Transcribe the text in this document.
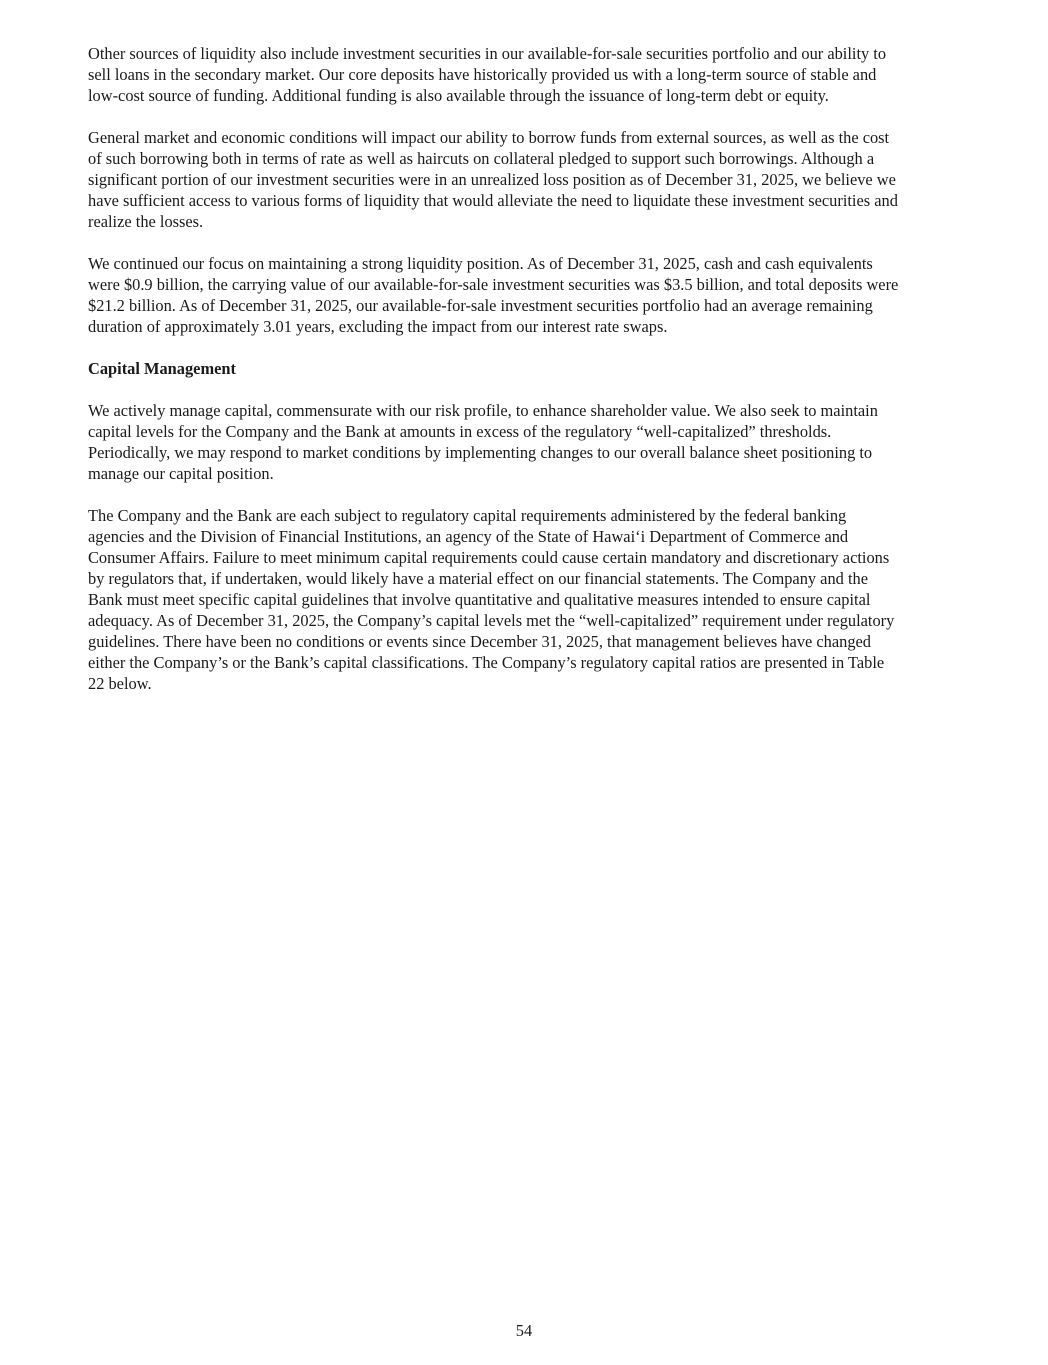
Other sources of liquidity also include investment securities in our available-for-sale securities portfolio and our ability to
sell loans in the secondary market. Our core deposits have historically provided us with a long-term source of stable and
low-cost source of funding. Additional funding is also available through the issuance of long-term debt or equity.

General market and economic conditions will impact our ability to borrow funds from external sources, as well as the cost
of such borrowing both in terms of rate as well as haircuts on collateral pledged to support such borrowings. Although a
significant portion of our investment securities were in an unrealized loss position as of December 31, 2025, we believe we
have sufficient access to various forms of liquidity that would alleviate the need to liquidate these investment securities and
realize the losses.

We continued our focus on maintaining a strong liquidity position. As of December 31, 2025, cash and cash equivalents
were $0.9 billion, the carrying value of our available-for-sale investment securities was $3.5 billion, and total deposits were
$21.2 billion. As of December 31, 2025, our available-for-sale investment securities portfolio had an average remaining
duration of approximately 3.01 years, excluding the impact from our interest rate swaps.

Capital Management

We actively manage capital, commensurate with our risk profile, to enhance shareholder value. We also seek to maintain
capital levels for the Company and the Bank at amounts in excess of the regulatory “well-capitalized” thresholds.
Periodically, we may respond to market conditions by implementing changes to our overall balance sheet positioning to
manage our capital position.

The Company and the Bank are each subject to regulatory capital requirements administered by the federal banking
agencies and the Division of Financial Institutions, an agency of the State of Hawai‘i Department of Commerce and
Consumer Affairs. Failure to meet minimum capital requirements could cause certain mandatory and discretionary actions
by regulators that, if undertaken, would likely have a material effect on our financial statements. The Company and the
Bank must meet specific capital guidelines that involve quantitative and qualitative measures intended to ensure capital
adequacy. As of December 31, 2025, the Company’s capital levels met the “well-capitalized” requirement under regulatory
guidelines. There have been no conditions or events since December 31, 2025, that management believes have changed
either the Company’s or the Bank’s capital classifications. The Company’s regulatory capital ratios are presented in Table
22 below.

54
